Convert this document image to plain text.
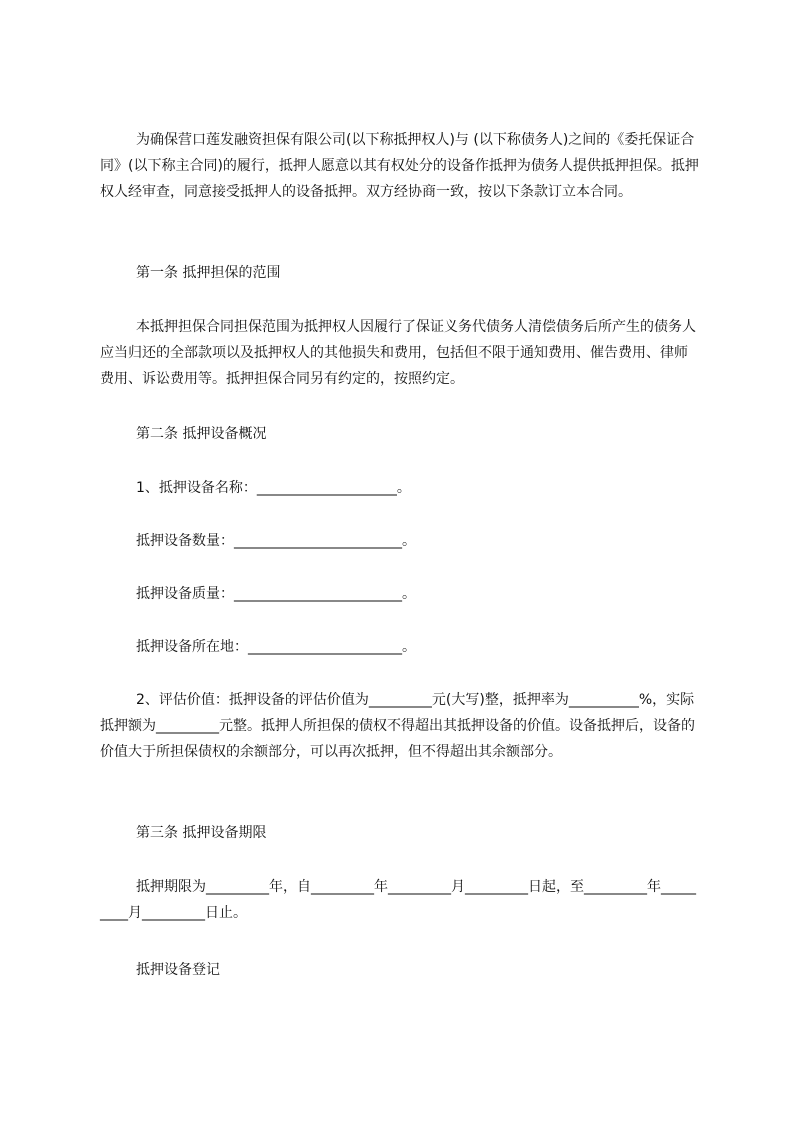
为确保营口莲发融资担保有限公司(以下称抵押权人)与 (以下称债务人)之间的《委托保证合同》(以下称主合同)的履行，抵押人愿意以其有权处分的设备作抵押为债务人提供抵押担保。抵押权人经审查，同意接受抵押人的设备抵押。双方经协商一致，按以下条款订立本合同。

第一条 抵押担保的范围

本抵押担保合同担保范围为抵押权人因履行了保证义务代债务人清偿债务后所产生的债务人应当归还的全部款项以及抵押权人的其他损失和费用，包括但不限于通知费用、催告费用、律师费用、诉讼费用等。抵押担保合同另有约定的，按照约定。

第二条 抵押设备概况

1、抵押设备名称：____________________。

抵押设备数量：________________________。

抵押设备质量：________________________。

抵押设备所在地：______________________。

2、评估价值：抵押设备的评估价值为_________元(大写)整，抵押率为__________%，实际抵押额为_________元整。抵押人所担保的债权不得超出其抵押设备的价值。设备抵押后，设备的价值大于所担保债权的余额部分，可以再次抵押，但不得超出其余额部分。

第三条 抵押设备期限

抵押期限为_________年，自_________年_________月_________日起，至_________年_________月_________日止。

抵押设备登记
